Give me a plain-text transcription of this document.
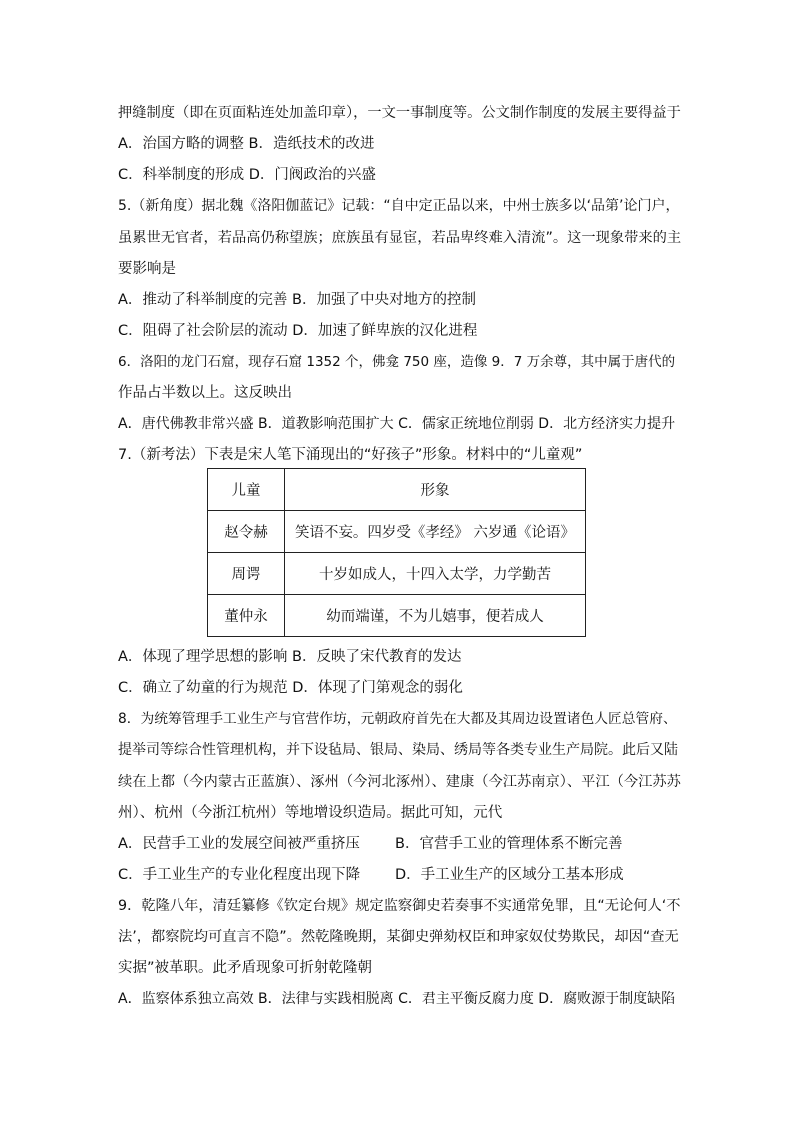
押缝制度（即在页面粘连处加盖印章），一文一事制度等。公文制作制度的发展主要得益于
A．治国方略的调整 B．造纸技术的改进
C．科举制度的形成 D．门阀政治的兴盛
5.（新角度）据北魏《洛阳伽蓝记》记载：“自中定正品以来，中州士族多以‘品第’论门户，
虽累世无官者，若品高仍称望族；庶族虽有显宦，若品卑终难入清流”。这一现象带来的主
要影响是
A．推动了科举制度的完善 B．加强了中央对地方的控制
C．阻碍了社会阶层的流动 D．加速了鲜卑族的汉化进程
6．洛阳的龙门石窟，现存石窟 1352 个，佛龛 750 座，造像 9．7 万余尊，其中属于唐代的
作品占半数以上。这反映出
A．唐代佛教非常兴盛 B．道教影响范围扩大 C．儒家正统地位削弱 D．北方经济实力提升
7.（新考法）下表是宋人笔下涌现出的“好孩子”形象。材料中的“儿童观”
儿童	形象
赵令赫	笑语不妄。四岁受《孝经》 六岁通《论语》
周谔	十岁如成人，十四入太学，力学勤苦
董仲永	幼而端谨，不为儿嬉事，便若成人
A．体现了理学思想的影响 B．反映了宋代教育的发达
C．确立了幼童的行为规范 D．体现了门第观念的弱化
8．为统筹管理手工业生产与官营作坊，元朝政府首先在大都及其周边设置诸色人匠总管府、
提举司等综合性管理机构，并下设毡局、银局、染局、绣局等各类专业生产局院。此后又陆
续在上都（今内蒙古正蓝旗）、涿州（今河北涿州）、建康（今江苏南京）、平江（今江苏苏
州）、杭州（今浙江杭州）等地增设织造局。据此可知，元代
A．民营手工业的发展空间被严重挤压 B．官营手工业的管理体系不断完善
C．手工业生产的专业化程度出现下降 D．手工业生产的区域分工基本形成
9．乾隆八年，清廷纂修《钦定台规》规定监察御史若奏事不实通常免罪，且“无论何人‘不
法’，都察院均可直言不隐”。然乾隆晚期，某御史弹劾权臣和珅家奴仗势欺民，却因“查无
实据”被革职。此矛盾现象可折射乾隆朝
A．监察体系独立高效 B．法律与实践相脱离 C．君主平衡反腐力度 D．腐败源于制度缺陷
